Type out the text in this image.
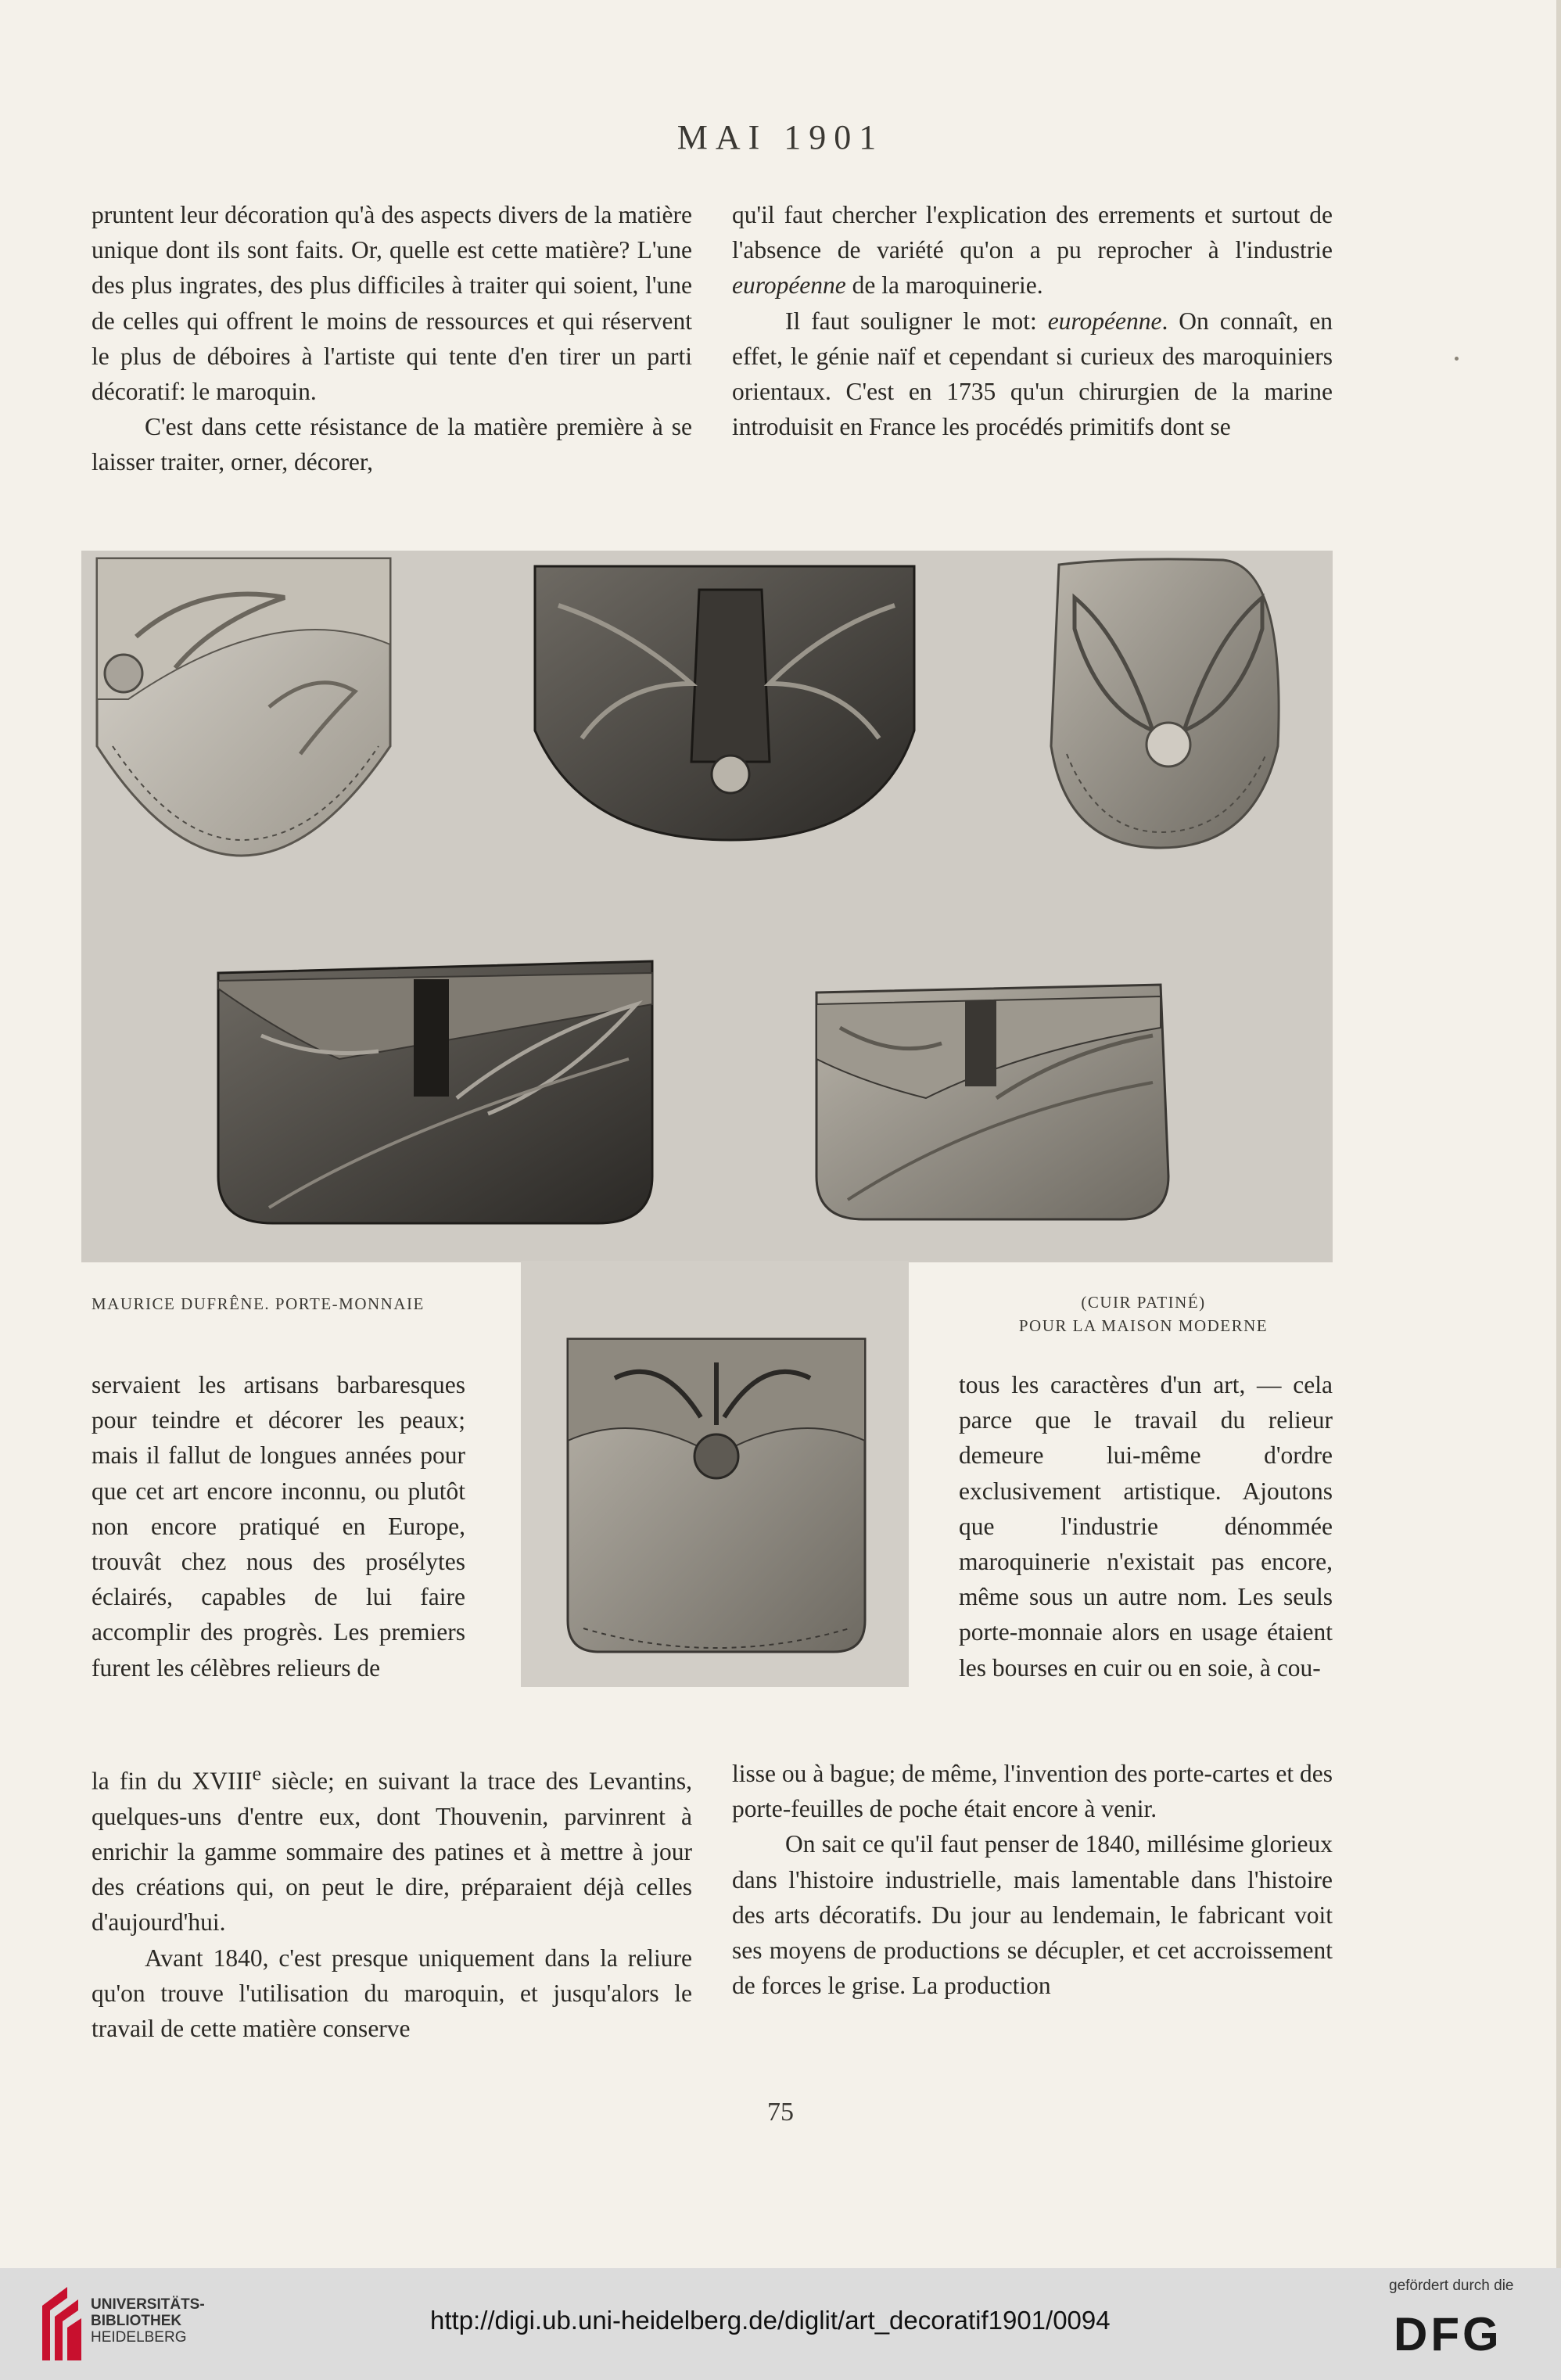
MAI 1901

pruntent leur décoration qu'à des aspects divers de la matière unique dont ils sont faits. Or, quelle est cette matière? L'une des plus ingrates, des plus difficiles à traiter qui soient, l'une de celles qui offrent le moins de ressources et qui réservent le plus de déboires à l'artiste qui tente d'en tirer un parti décoratif: le maroquin.

C'est dans cette résistance de la matière première à se laisser traiter, orner, décorer,

qu'il faut chercher l'explication des errements et surtout de l'absence de variété qu'on a pu reprocher à l'industrie européenne de la maroquinerie.

Il faut souligner le mot: européenne. On connaît, en effet, le génie naïf et cependant si curieux des maroquiniers orientaux. C'est en 1735 qu'un chirurgien de la marine introduisit en France les procédés primitifs dont se

MAURICE DUFRÊNE. PORTE-MONNAIE	(CUIR PATINÉ)
POUR LA MAISON MODERNE

servaient les artisans barbaresques pour teindre et décorer les peaux; mais il fallut de longues années pour que cet art encore inconnu, ou plutôt non encore pratiqué en Europe, trouvât chez nous des prosélytes éclairés, capables de lui faire accomplir des progrès. Les premiers furent les célèbres relieurs de

tous les caractères d'un art, — cela parce que le travail du relieur demeure lui-même d'ordre exclusivement artistique. Ajoutons que l'industrie dénommée maroquinerie n'existait pas encore, même sous un autre nom. Les seuls porte-monnaie alors en usage étaient les bourses en cuir ou en soie, à cou-

la fin du XVIIIe siècle; en suivant la trace des Levantins, quelques-uns d'entre eux, dont Thouvenin, parvinrent à enrichir la gamme sommaire des patines et à mettre à jour des créations qui, on peut le dire, préparaient déjà celles d'aujourd'hui.

Avant 1840, c'est presque uniquement dans la reliure qu'on trouve l'utilisation du maroquin, et jusqu'alors le travail de cette matière conserve

lisse ou à bague; de même, l'invention des porte-cartes et des porte-feuilles de poche était encore à venir.

On sait ce qu'il faut penser de 1840, millésime glorieux dans l'histoire industrielle, mais lamentable dans l'histoire des arts décoratifs. Du jour au lendemain, le fabricant voit ses moyens de productions se décupler, et cet accroissement de forces le grise. La production

75
UNIVERSITÄTS-
BIBLIOTHEK
HEIDELBERG
http://digi.ub.uni-heidelberg.de/diglit/art_decoratif1901/0094
gefördert durch die
DFG
